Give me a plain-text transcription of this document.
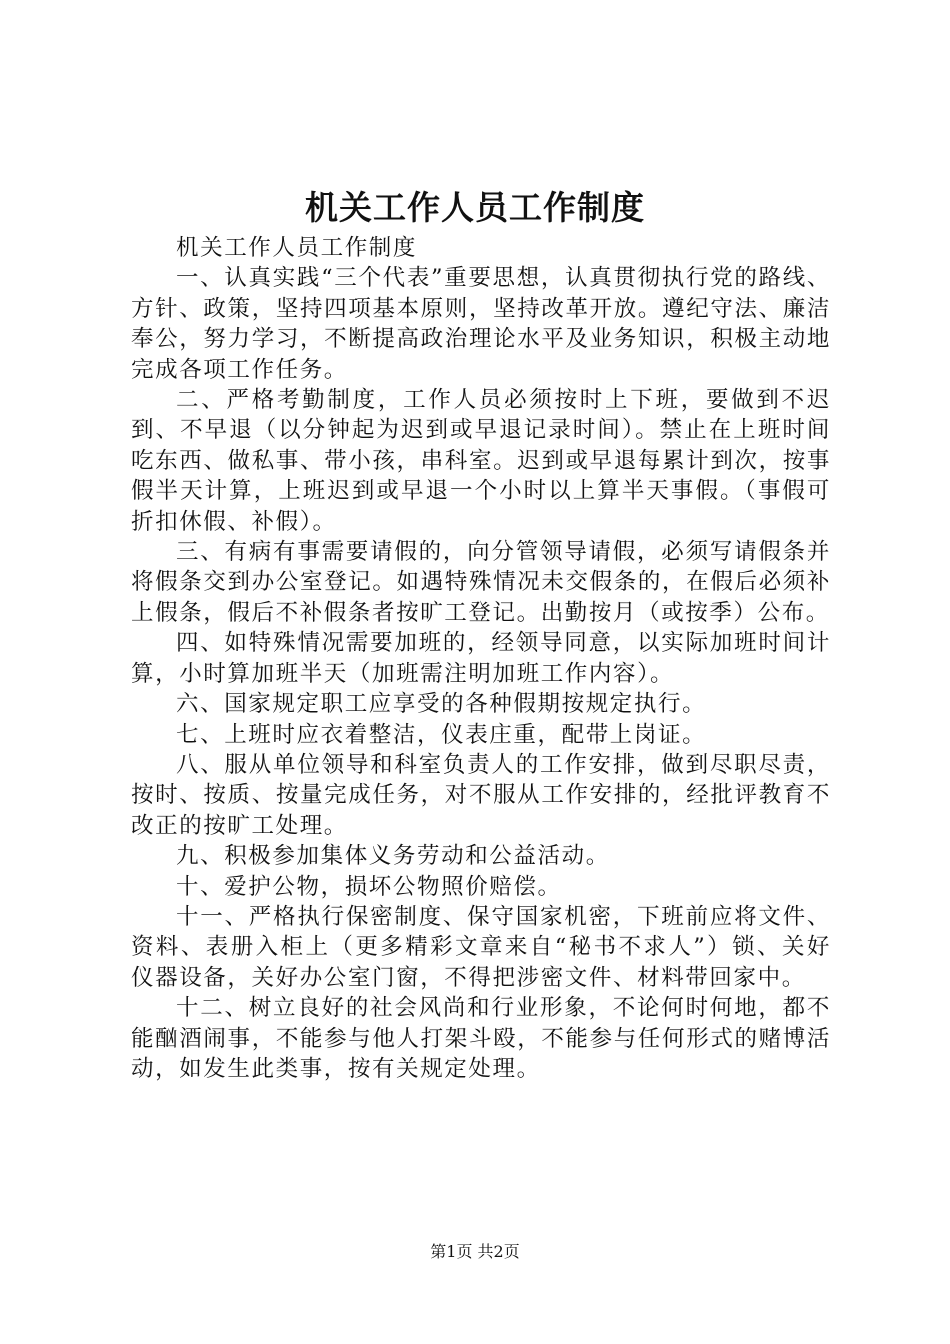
机关工作人员工作制度

机关工作人员工作制度

一、认真实践“三个代表”重要思想，认真贯彻执行党的路线、方针、政策，坚持四项基本原则，坚持改革开放。遵纪守法、廉洁奉公，努力学习，不断提高政治理论水平及业务知识，积极主动地完成各项工作任务。

二、严格考勤制度，工作人员必须按时上下班，要做到不迟到、不早退（以分钟起为迟到或早退记录时间）。禁止在上班时间吃东西、做私事、带小孩，串科室。迟到或早退每累计到次，按事假半天计算，上班迟到或早退一个小时以上算半天事假。（事假可折扣休假、补假）。

三、有病有事需要请假的，向分管领导请假，必须写请假条并将假条交到办公室登记。如遇特殊情况未交假条的，在假后必须补上假条，假后不补假条者按旷工登记。出勤按月（或按季）公布。

四、如特殊情况需要加班的，经领导同意，以实际加班时间计算，小时算加班半天（加班需注明加班工作内容）。

六、国家规定职工应享受的各种假期按规定执行。

七、上班时应衣着整洁，仪表庄重，配带上岗证。

八、服从单位领导和科室负责人的工作安排，做到尽职尽责，按时、按质、按量完成任务，对不服从工作安排的，经批评教育不改正的按旷工处理。

九、积极参加集体义务劳动和公益活动。

十、爱护公物，损坏公物照价赔偿。

十一、严格执行保密制度、保守国家机密，下班前应将文件、资料、表册入柜上（更多精彩文章来自“秘书不求人”）锁、关好仪器设备，关好办公室门窗，不得把涉密文件、材料带回家中。

十二、树立良好的社会风尚和行业形象，不论何时何地，都不能酗酒闹事，不能参与他人打架斗殴，不能参与任何形式的赌博活动，如发生此类事，按有关规定处理。

第1页 共2页
